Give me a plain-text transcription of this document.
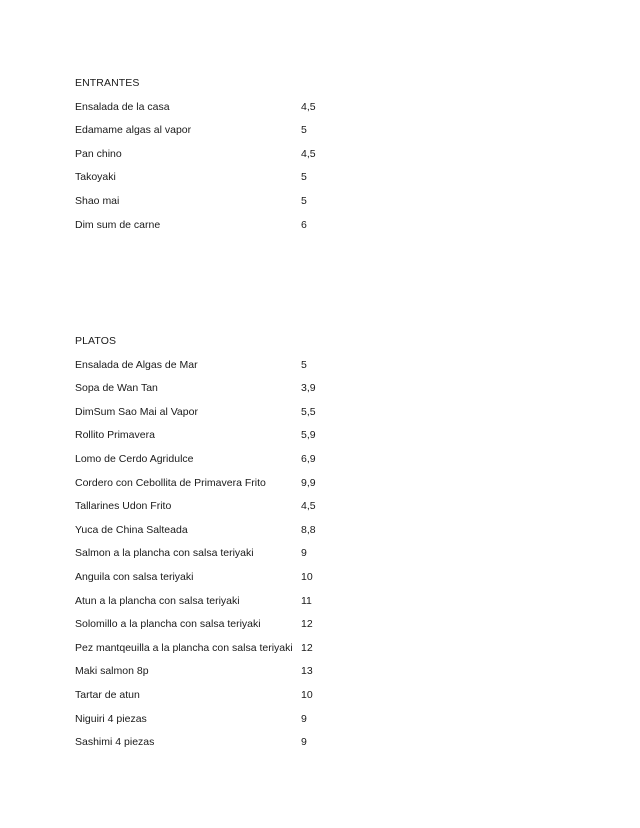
ENTRANTES
Ensalada de la casa	4,5
Edamame algas al vapor	5
Pan chino	4,5
Takoyaki	5
Shao mai	5
Dim sum de carne	6
PLATOS
Ensalada de Algas de Mar	5
Sopa de Wan Tan	3,9
DimSum Sao Mai al Vapor	5,5
Rollito Primavera	5,9
Lomo de Cerdo Agridulce	6,9
Cordero con Cebollita de Primavera Frito	9,9
Tallarines Udon Frito	4,5
Yuca de China Salteada	8,8
Salmon a la plancha con salsa teriyaki	9
Anguila con salsa teriyaki	10
Atun a la plancha con salsa teriyaki	11
Solomillo a la plancha con salsa teriyaki	12
Pez mantqeuilla a la plancha con salsa teriyaki 12
Maki salmon 8p	13
Tartar de atun	10
Niguiri 4 piezas	9
Sashimi 4 piezas	9
